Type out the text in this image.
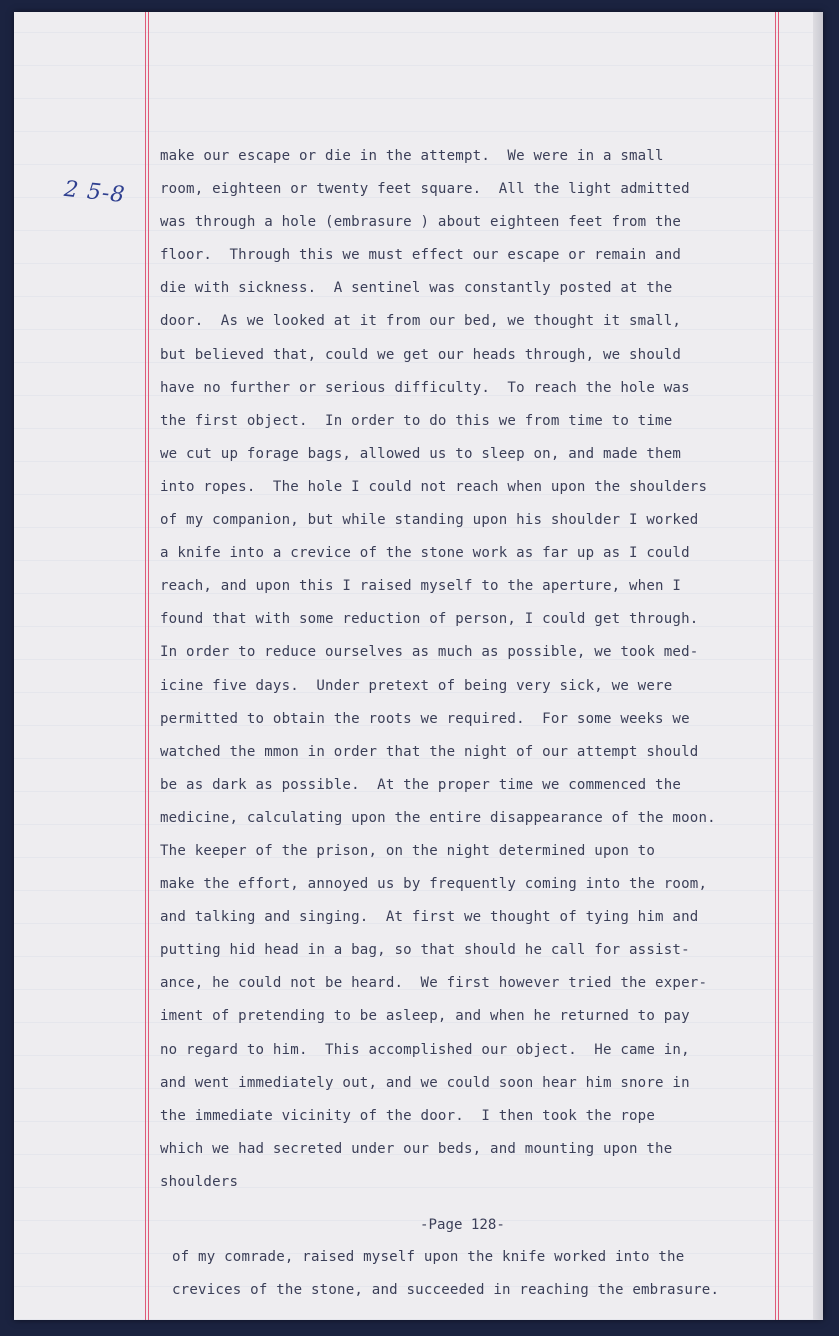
2 5-8
make our escape or die in the attempt.  We were in a small
room, eighteen or twenty feet square.  All the light admitted
was through a hole (embrasure ) about eighteen feet from the
floor.  Through this we must effect our escape or remain and
die with sickness.  A sentinel was constantly posted at the
door.  As we looked at it from our bed, we thought it small,
but believed that, could we get our heads through, we should
have no further or serious difficulty.  To reach the hole was
the first object.  In order to do this we from time to time
we cut up forage bags, allowed us to sleep on, and made them
into ropes.  The hole I could not reach when upon the shoulders
of my companion, but while standing upon his shoulder I worked
a knife into a crevice of the stone work as far up as I could
reach, and upon this I raised myself to the aperture, when I
found that with some reduction of person, I could get through.
In order to reduce ourselves as much as possible, we took med-
icine five days.  Under pretext of being very sick, we were
permitted to obtain the roots we required.  For some weeks we
watched the mmon in order that the night of our attempt should
be as dark as possible.  At the proper time we commenced the
medicine, calculating upon the entire disappearance of the moon.
The keeper of the prison, on the night determined upon to
make the effort, annoyed us by frequently coming into the room,
and talking and singing.  At first we thought of tying him and
putting hid head in a bag, so that should he call for assist-
ance, he could not be heard.  We first however tried the exper-
iment of pretending to be asleep, and when he returned to pay
no regard to him.  This accomplished our object.  He came in,
and went immediately out, and we could soon hear him snore in
the immediate vicinity of the door.  I then took the rope
which we had secreted under our beds, and mounting upon the
shoulders
-Page 128-
of my comrade, raised myself upon the knife worked into the
crevices of the stone, and succeeded in reaching the embrasure.
